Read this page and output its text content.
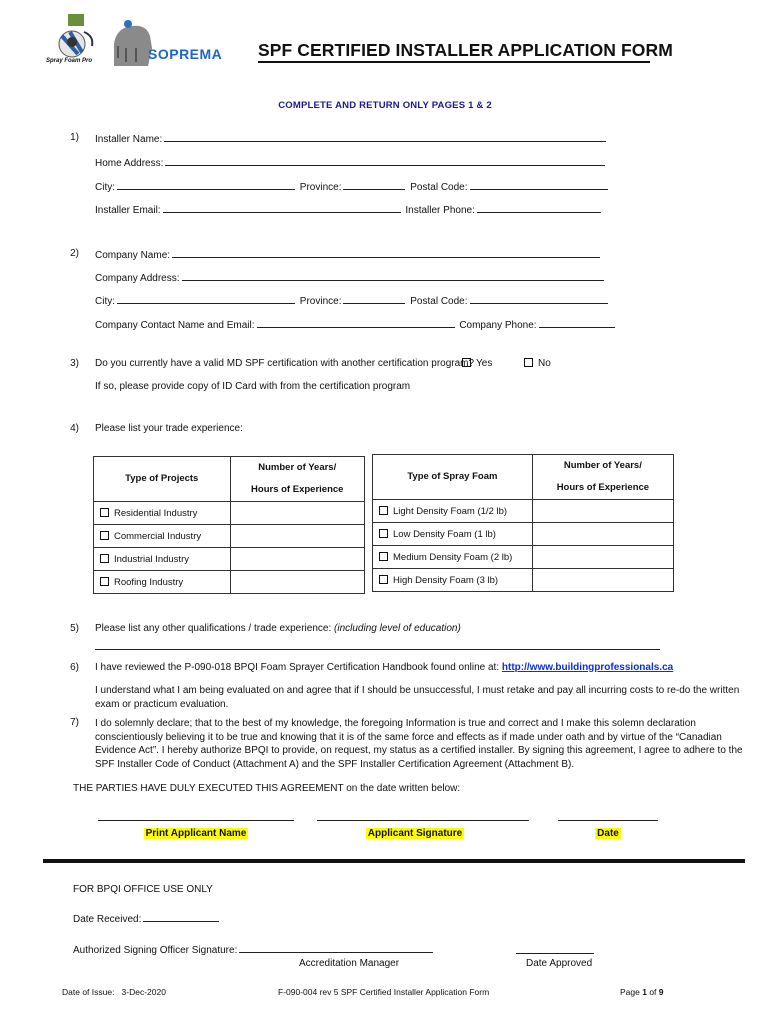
Spray Foam Pro	SOPREMA SPF CERTIFIED INSTALLER APPLICATION FORM
COMPLETE AND RETURN ONLY PAGES 1 & 2
1) Installer Name:
Home Address:
City:	Province:	Postal Code:
Installer Email:	Installer Phone:
2) Company Name:
Company Address:
City:	Province:	Postal Code:
Company Contact Name and Email:	Company Phone:
3) Do you currently have a valid MD SPF certification with another certification program? Yes	No
If so, please provide copy of ID Card with from the certification program
4) Please list your trade experience:
Type of Projects	Number of Years/
Hours of Experience
Residential Industry	
Commercial Industry	
Industrial Industry	
Roofing Industry	
Type of Spray Foam	Number of Years/
Hours of Experience
Light Density Foam (1/2 lb)	
Low Density Foam (1 lb)	
Medium Density Foam (2 lb)	
High Density Foam (3 lb)	
5) Please list any other qualifications / trade experience: (including level of education)
6) I have reviewed the P-090-018 BPQI Foam Sprayer Certification Handbook found online at: http://www.buildingprofessionals.ca
I understand what I am being evaluated on and agree that if I should be unsuccessful, I must retake and pay all incurring costs to re-do the written
exam or practicum evaluation.
7) I do solemnly declare; that to the best of my knowledge, the foregoing Information is true and correct and I make this solemn declaration
conscientiously believing it to be true and knowing that it is of the same force and effects as if made under oath and by virtue of the “Canadian
Evidence Act”. I hereby authorize BPQI to provide, on request, my status as a certified installer. By signing this agreement, I agree to adhere to the
SPF Installer Code of Conduct (Attachment A) and the SPF Installer Certification Agreement (Attachment B).
THE PARTIES HAVE DULY EXECUTED THIS AGREEMENT on the date written below:
Print Applicant Name	Applicant Signature	Date
FOR BPQI OFFICE USE ONLY
Date Received:
Authorized Signing Officer Signature:
Accreditation Manager	Date Approved
Date of Issue:   3-Dec-2020	F-090-004 rev 5 SPF Certified Installer Application Form	Page 1 of 9
